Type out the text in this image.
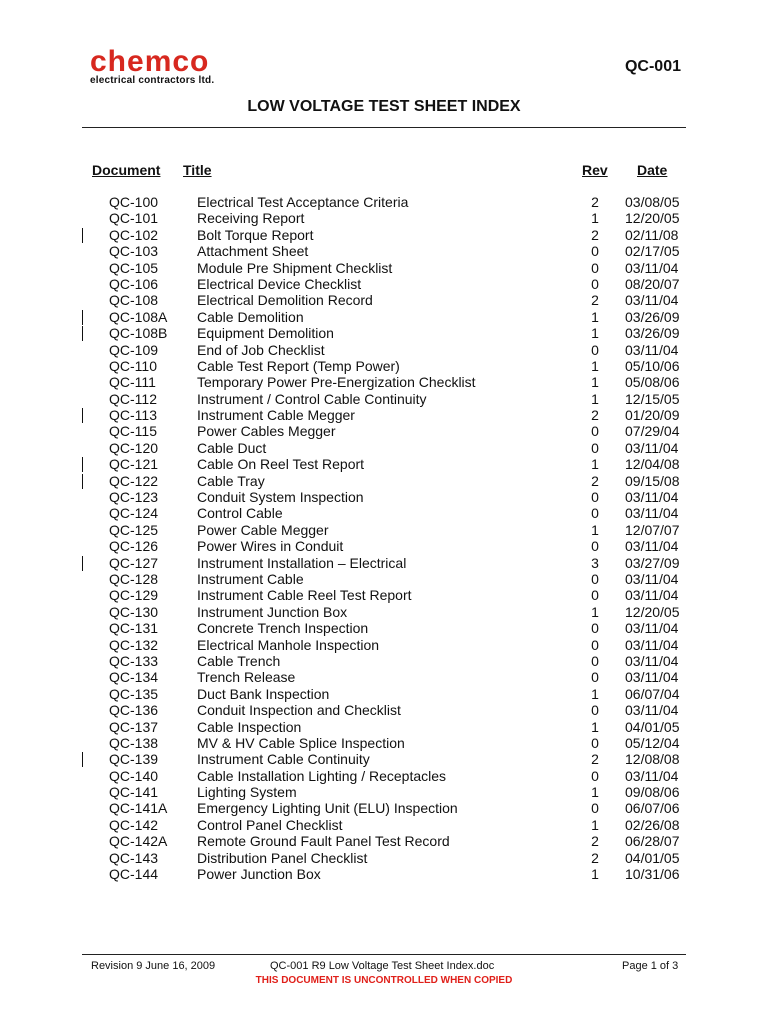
chemco
electrical contractors ltd.
QC-001
LOW VOLTAGE TEST SHEET INDEX
Document Title	Rev Date
QC-100	Electrical Test Acceptance Criteria	2 03/08/05
QC-101	Receiving Report	1 12/20/05
QC-102	Bolt Torque Report	2 02/11/08
QC-103	Attachment Sheet	0 02/17/05
QC-105	Module Pre Shipment Checklist	0 03/11/04
QC-106	Electrical Device Checklist	0 08/20/07
QC-108	Electrical Demolition Record	2 03/11/04
QC-108A Cable Demolition	1 03/26/09
QC-108B Equipment Demolition	1 03/26/09
QC-109	End of Job Checklist	0 03/11/04
QC-110	Cable Test Report (Temp Power)	1 05/10/06
QC-111	Temporary Power Pre-Energization Checklist	1 05/08/06
QC-112	Instrument / Control Cable Continuity	1 12/15/05
QC-113	Instrument Cable Megger	2 01/20/09
QC-115	Power Cables Megger	0 07/29/04
QC-120	Cable Duct	0 03/11/04
QC-121	Cable On Reel Test Report	1 12/04/08
QC-122	Cable Tray	2 09/15/08
QC-123	Conduit System Inspection	0 03/11/04
QC-124	Control Cable	0 03/11/04
QC-125	Power Cable Megger	1 12/07/07
QC-126	Power Wires in Conduit	0 03/11/04
QC-127	Instrument Installation – Electrical	3 03/27/09
QC-128	Instrument Cable	0 03/11/04
QC-129	Instrument Cable Reel Test Report	0 03/11/04
QC-130	Instrument Junction Box	1 12/20/05
QC-131	Concrete Trench Inspection	0 03/11/04
QC-132	Electrical Manhole Inspection	0 03/11/04
QC-133	Cable Trench	0 03/11/04
QC-134	Trench Release	0 03/11/04
QC-135	Duct Bank Inspection	1 06/07/04
QC-136	Conduit Inspection and Checklist	0 03/11/04
QC-137	Cable Inspection	1 04/01/05
QC-138	MV & HV Cable Splice Inspection	0 05/12/04
QC-139	Instrument Cable Continuity	2 12/08/08
QC-140	Cable Installation Lighting / Receptacles	0 03/11/04
QC-141	Lighting System	1 09/08/06
QC-141A Emergency Lighting Unit (ELU) Inspection	0 06/07/06
QC-142	Control Panel Checklist	1 02/26/08
QC-142A Remote Ground Fault Panel Test Record	2 06/28/07
QC-143	Distribution Panel Checklist	2 04/01/05
QC-144	Power Junction Box	1 10/31/06
Revision 9 June 16, 2009	QC-001 R9 Low Voltage Test Sheet Index.doc	Page 1 of 3
THIS DOCUMENT IS UNCONTROLLED WHEN COPIED
